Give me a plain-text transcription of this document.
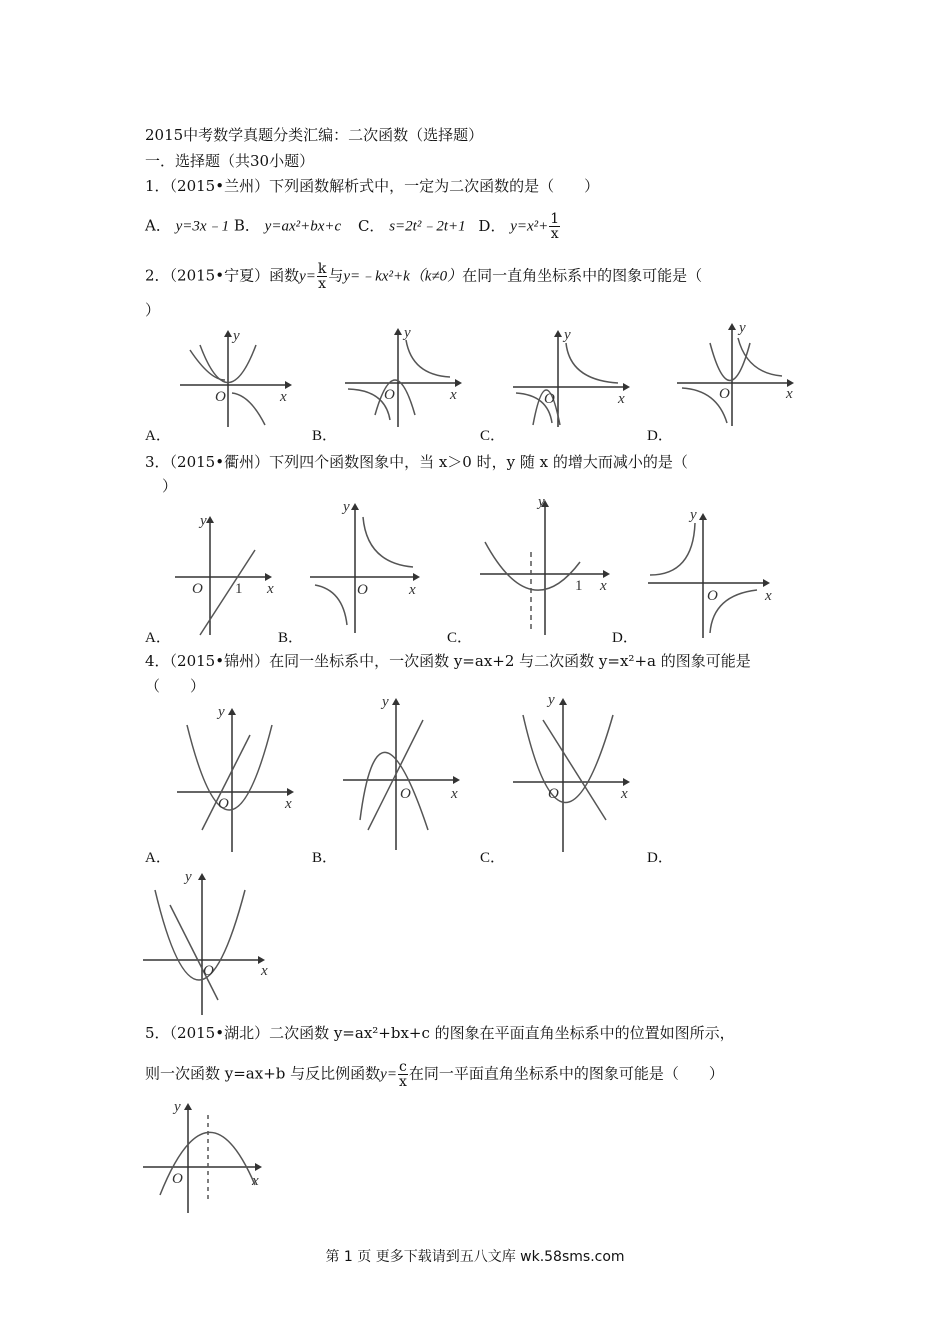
2015中考数学真题分类汇编：二次函数（选择题）
一．选择题（共30小题）
1．（2015•兰州）下列函数解析式中，一定为二次函数的是（　　）
A． y=3x﹣1 B． y=ax²+bx+c C． s=2t²﹣2t+1 D． $y=x^2+ \frac{1}{x}$
2．（2015•宁夏）函数$y= \frac{k}{x}$ 与y=﹣kx²+k（k≠0）在同一直角坐标系中的图象可能是（
）
y
O	x
y
O	x
y
O	x
y
O	x
A．	B．	C．	D．
3．（2015•衢州）下列四个函数图象中，当 x＞0 时，y 随 x 的增大而减小的是（
）
y
O 1 x
y
O	x
y
1 x
y
O	x
A．	B．	C．	D．
4．（2015•锦州）在同一坐标系中，一次函数 y=ax+2 与二次函数 y=x²+a 的图象可能是
（　　）
y
O	x
y
O	x
y
O	x
A．	B．	C．	D．
y
O	x
5．（2015•湖北）二次函数 y=ax²+bx+c 的图象在平面直角坐标系中的位置如图所示，
则一次函数 y=ax+b 与反比例函数$y= \frac{c}{x}$ 在同一平面直角坐标系中的图象可能是（　　）
y
O	x
第 1 页 更多下载请到五八文库 wk.58sms.com
